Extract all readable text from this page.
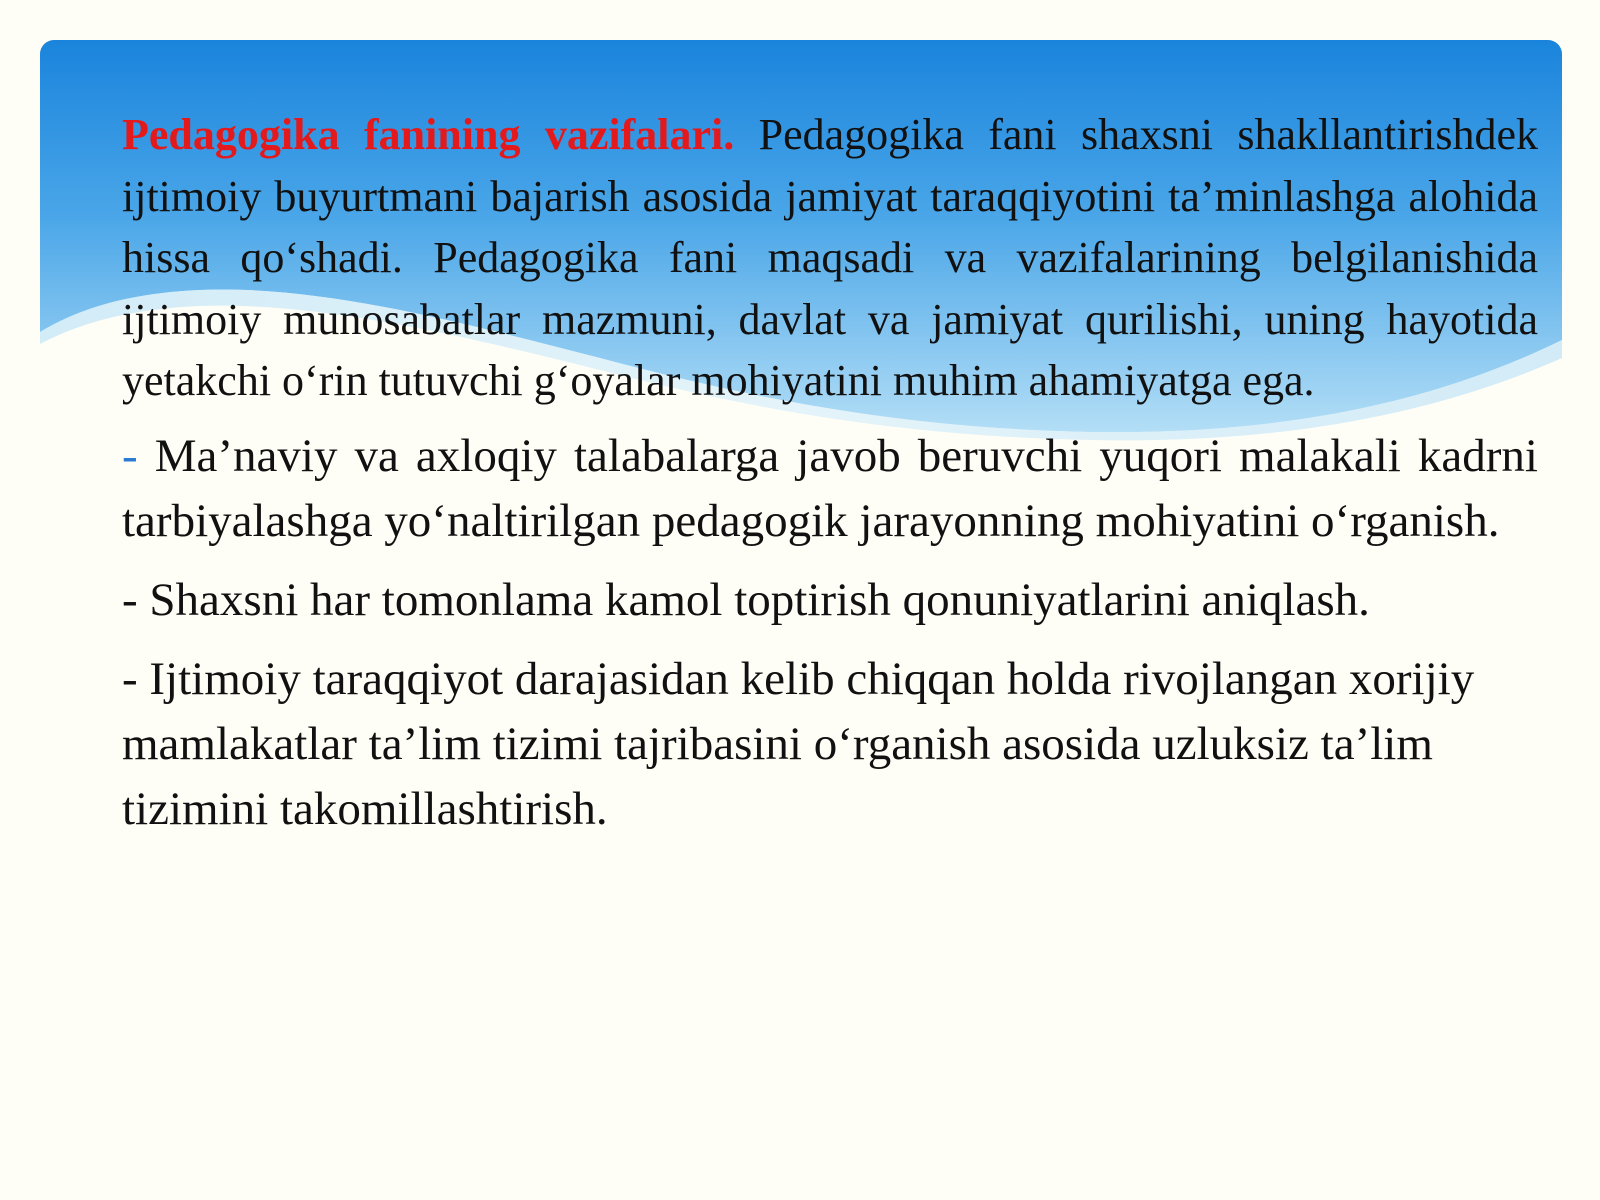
Pedagogika fanining vazifalari. Pedagogika fani shaxsni shakllantirishdek ijtimoiy buyurtmani bajarish asosida jamiyat taraqqiyotini ta’minlashga alohida hissa qo‘shadi. Pedagogika fani maqsadi va vazifalarining belgilanishida ijtimoiy munosabatlar mazmuni, davlat va jamiyat qurilishi, uning hayotida yetakchi o‘rin tutuvchi g‘oyalar mohiyatini muhim ahamiyatga ega.

- Ma’naviy va axloqiy talabalarga javob beruvchi yuqori malakali kadrni tarbiyalashga yo‘naltirilgan pedagogik jarayonning mohiyatini o‘rganish.

- Shaxsni har tomonlama kamol toptirish qonuniyatlarini aniqlash.

- Ijtimoiy taraqqiyot darajasidan kelib chiqqan holda rivojlangan xorijiy mamlakatlar ta’lim tizimi tajribasini o‘rganish asosida uzluksiz ta’lim tizimini takomillashtirish.
